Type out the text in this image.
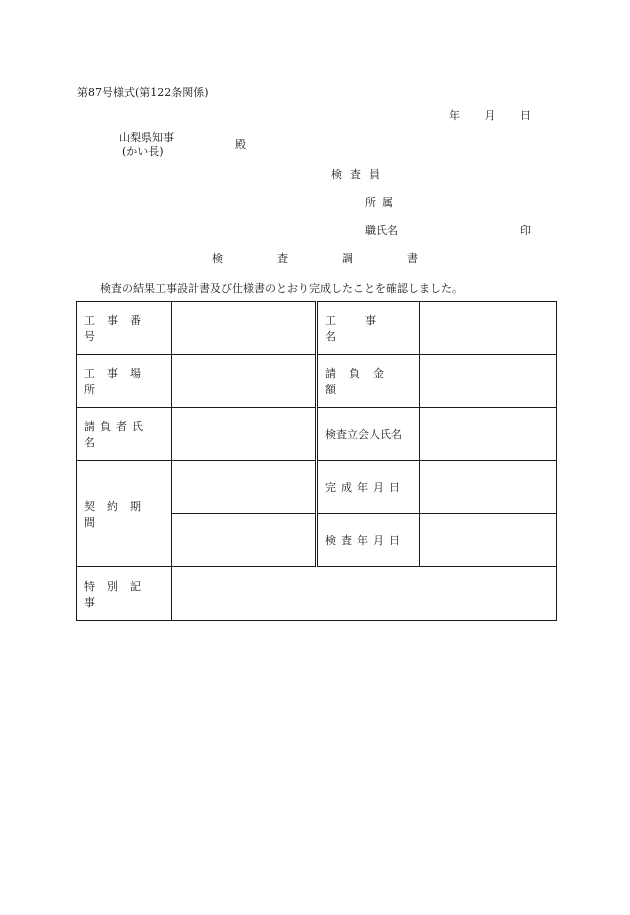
第87号様式(第122条関係)
年 月 日
山梨県知事
(かい長)
殿
検査員
所属
職氏名	印
検査調書
検査の結果工事設計書及び仕様書のとおり完成したことを確認しました。
工事番号		工事名	

工事場所		請負金額	

請負者氏名		検査立会人氏名	

契約期間		完成年月日	

		検査年月日	

特別記事			
